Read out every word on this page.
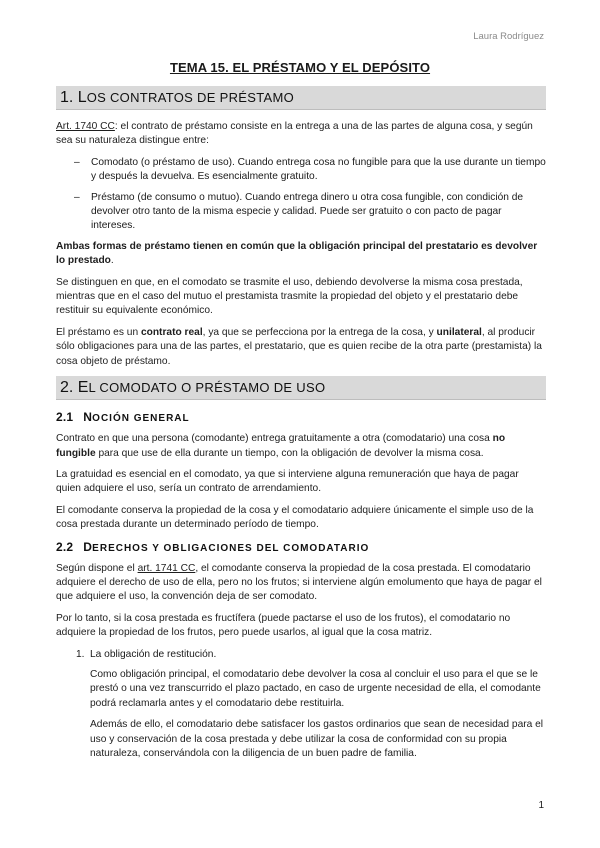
Laura Rodríguez
TEMA 15. EL PRÉSTAMO Y EL DEPÓSITO
1. LOS CONTRATOS DE PRÉSTAMO

Art. 1740 CC: el contrato de préstamo consiste en la entrega a una de las partes de alguna cosa, y según sea su naturaleza distingue entre:

– Comodato (o préstamo de uso). Cuando entrega cosa no fungible para que la use durante un tiempo y después la devuelva. Es esencialmente gratuito.
– Préstamo (de consumo o mutuo). Cuando entrega dinero u otra cosa fungible, con condición de devolver otro tanto de la misma especie y calidad. Puede ser gratuito o con pacto de pagar intereses.

Ambas formas de préstamo tienen en común que la obligación principal del prestatario es devolver lo prestado.

Se distinguen en que, en el comodato se trasmite el uso, debiendo devolverse la misma cosa prestada, mientras que en el caso del mutuo el prestamista trasmite la propiedad del objeto y el prestatario debe restituir su equivalente económico.

El préstamo es un contrato real, ya que se perfecciona por la entrega de la cosa, y unilateral, al producir sólo obligaciones para una de las partes, el prestatario, que es quien recibe de la otra parte (prestamista) la cosa objeto de préstamo.

2. EL COMODATO O PRÉSTAMO DE USO
2.1 NOCIÓN GENERAL

Contrato en que una persona (comodante) entrega gratuitamente a otra (comodatario) una cosa no fungible para que use de ella durante un tiempo, con la obligación de devolver la misma cosa.

La gratuidad es esencial en el comodato, ya que si interviene alguna remuneración que haya de pagar quien adquiere el uso, sería un contrato de arrendamiento.

El comodante conserva la propiedad de la cosa y el comodatario adquiere únicamente el simple uso de la cosa prestada durante un determinado período de tiempo.

2.2 DERECHOS Y OBLIGACIONES DEL COMODATARIO

Según dispone el art. 1741 CC, el comodante conserva la propiedad de la cosa prestada. El comodatario adquiere el derecho de uso de ella, pero no los frutos; si interviene algún emolumento que haya de pagar el que adquiere el uso, la convención deja de ser comodato.

Por lo tanto, si la cosa prestada es fructífera (puede pactarse el uso de los frutos), el comodatario no adquiere la propiedad de los frutos, pero puede usarlos, al igual que la cosa matriz.

1. La obligación de restitución.

Como obligación principal, el comodatario debe devolver la cosa al concluir el uso para el que se le prestó o una vez transcurrido el plazo pactado, en caso de urgente necesidad de ella, el comodante podrá reclamarla antes y el comodatario debe restituirla.

Además de ello, el comodatario debe satisfacer los gastos ordinarios que sean de necesidad para el uso y conservación de la cosa prestada y debe utilizar la cosa de conformidad con su propia naturaleza, conservándola con la diligencia de un buen padre de familia.

1
